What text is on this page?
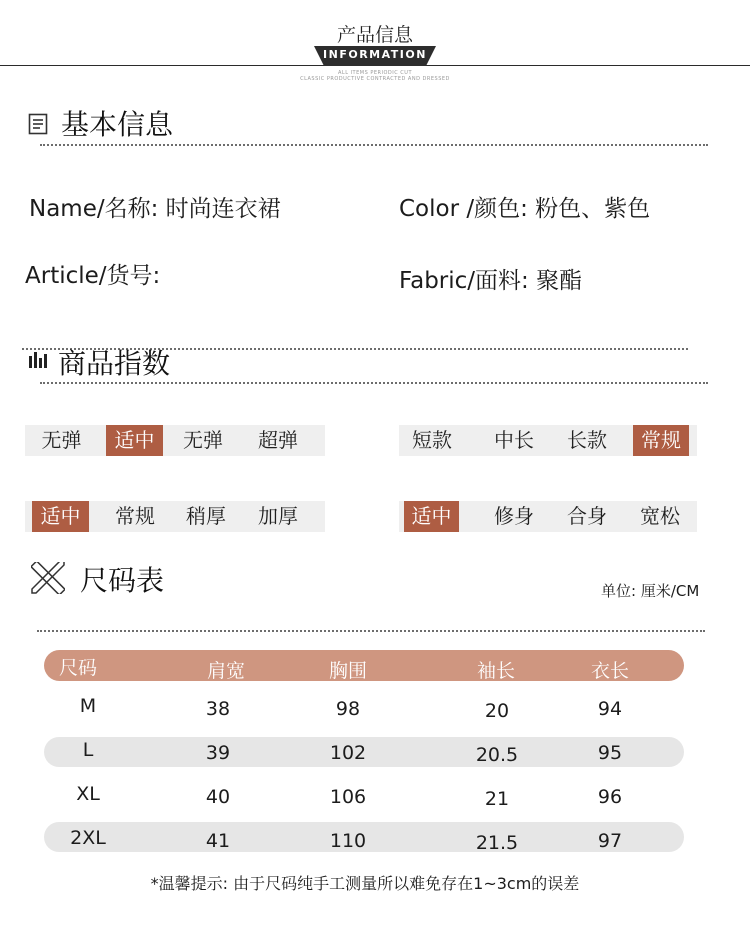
产品信息
INFORMATION
ALL ITEMS PERIODIC CUT
CLASSIC PRODUCTIVE CONTRACTED AND DRESSED
基本信息
Name/名称: 时尚连衣裙	Color /颜色: 粉色、紫色
Article/货号:	Fabric/面料: 聚酯
商品指数
无弹	适中	无弹	超弹	短款	中长	长款	常规
适中	常规	稍厚	加厚	适中	修身	合身	宽松
尺码表	单位: 厘米/CM
尺码	肩宽	胸围	袖长	衣长
M	38	98	20	94
L	39	102	20.5	95
XL	40	106	21	96
2XL	41	110	21.5	97
*温馨提示: 由于尺码纯手工测量所以难免存在1~3cm的误差
